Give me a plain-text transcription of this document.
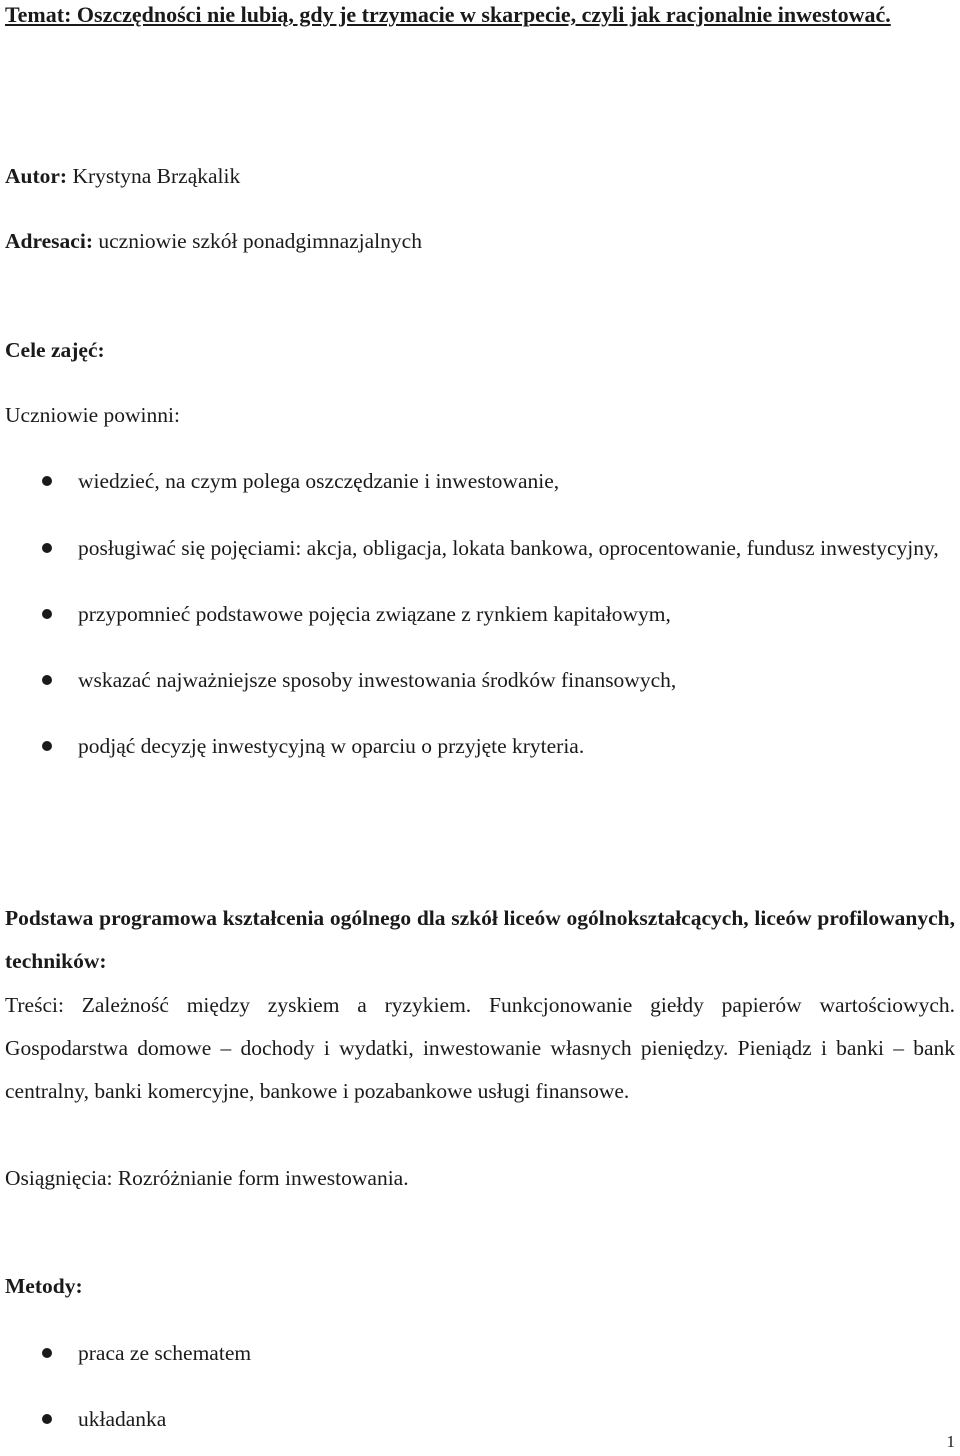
Temat: Oszczędności nie lubią, gdy je trzymacie w skarpecie, czyli jak racjonalnie inwestować.
Autor: Krystyna Brząkalik
Adresaci: uczniowie szkół ponadgimnazjalnych
Cele zajęć:
Uczniowie powinni:
wiedzieć, na czym polega oszczędzanie i inwestowanie,
posługiwać się pojęciami: akcja, obligacja, lokata bankowa, oprocentowanie, fundusz inwestycyjny,
przypomnieć podstawowe pojęcia związane z rynkiem kapitałowym,
wskazać najważniejsze sposoby inwestowania środków finansowych,
podjąć decyzję inwestycyjną w oparciu o przyjęte kryteria.
Podstawa programowa kształcenia ogólnego dla szkół liceów ogólnokształcących, liceów profilowanych, techników:
Treści: Zależność między zyskiem a ryzykiem. Funkcjonowanie giełdy papierów wartościowych. Gospodarstwa domowe – dochody i wydatki, inwestowanie własnych pieniędzy. Pieniądz i banki – bank centralny, banki komercyjne, bankowe i pozabankowe usługi finansowe.
Osiągnięcia: Rozróżnianie form inwestowania.
Metody:
praca ze schematem
układanka
1
